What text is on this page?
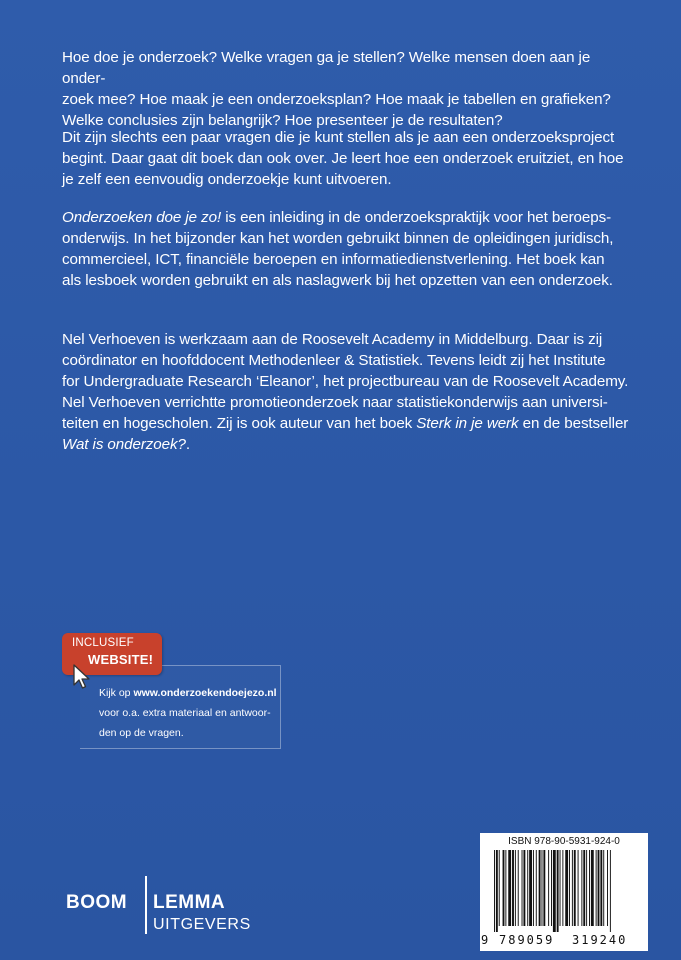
Hoe doe je onderzoek? Welke vragen ga je stellen? Welke mensen doen aan je onder-
zoek mee? Hoe maak je een onderzoeksplan? Hoe maak je tabellen en grafieken?
Welke conclusies zijn belangrijk? Hoe presenteer je de resultaten?

Dit zijn slechts een paar vragen die je kunt stellen als je aan een onderzoeksproject
begint. Daar gaat dit boek dan ook over. Je leert hoe een onderzoek eruitziet, en hoe
je zelf een eenvoudig onderzoekje kunt uitvoeren.

Onderzoeken doe je zo! is een inleiding in de onderzoekspraktijk voor het beroeps-
onderwijs. In het bijzonder kan het worden gebruikt binnen de opleidingen juridisch,
commercieel, ICT, financiële beroepen en informatiedienstverlening. Het boek kan
als lesboek worden gebruikt en als naslagwerk bij het opzetten van een onderzoek.

Nel Verhoeven is werkzaam aan de Roosevelt Academy in Middelburg. Daar is zij
coördinator en hoofddocent Methodenleer & Statistiek. Tevens leidt zij het Institute
for Undergraduate Research ‘Eleanor’, het projectbureau van de Roosevelt Academy.
Nel Verhoeven verrichtte promotieonderzoek naar statistiekonderwijs aan universi-
teiten en hogescholen. Zij is ook auteur van het boek Sterk in je werk en de bestseller
Wat is onderzoek?.

INCLUSIEF
WEBSITE!
Kijk op www.onderzoekendoejezo.nl
voor o.a. extra materiaal en antwoor-
den op de vragen.
BOOM LEMMA
UITGEVERS
ISBN 978-90-5931-924-0
9 789059 319240
